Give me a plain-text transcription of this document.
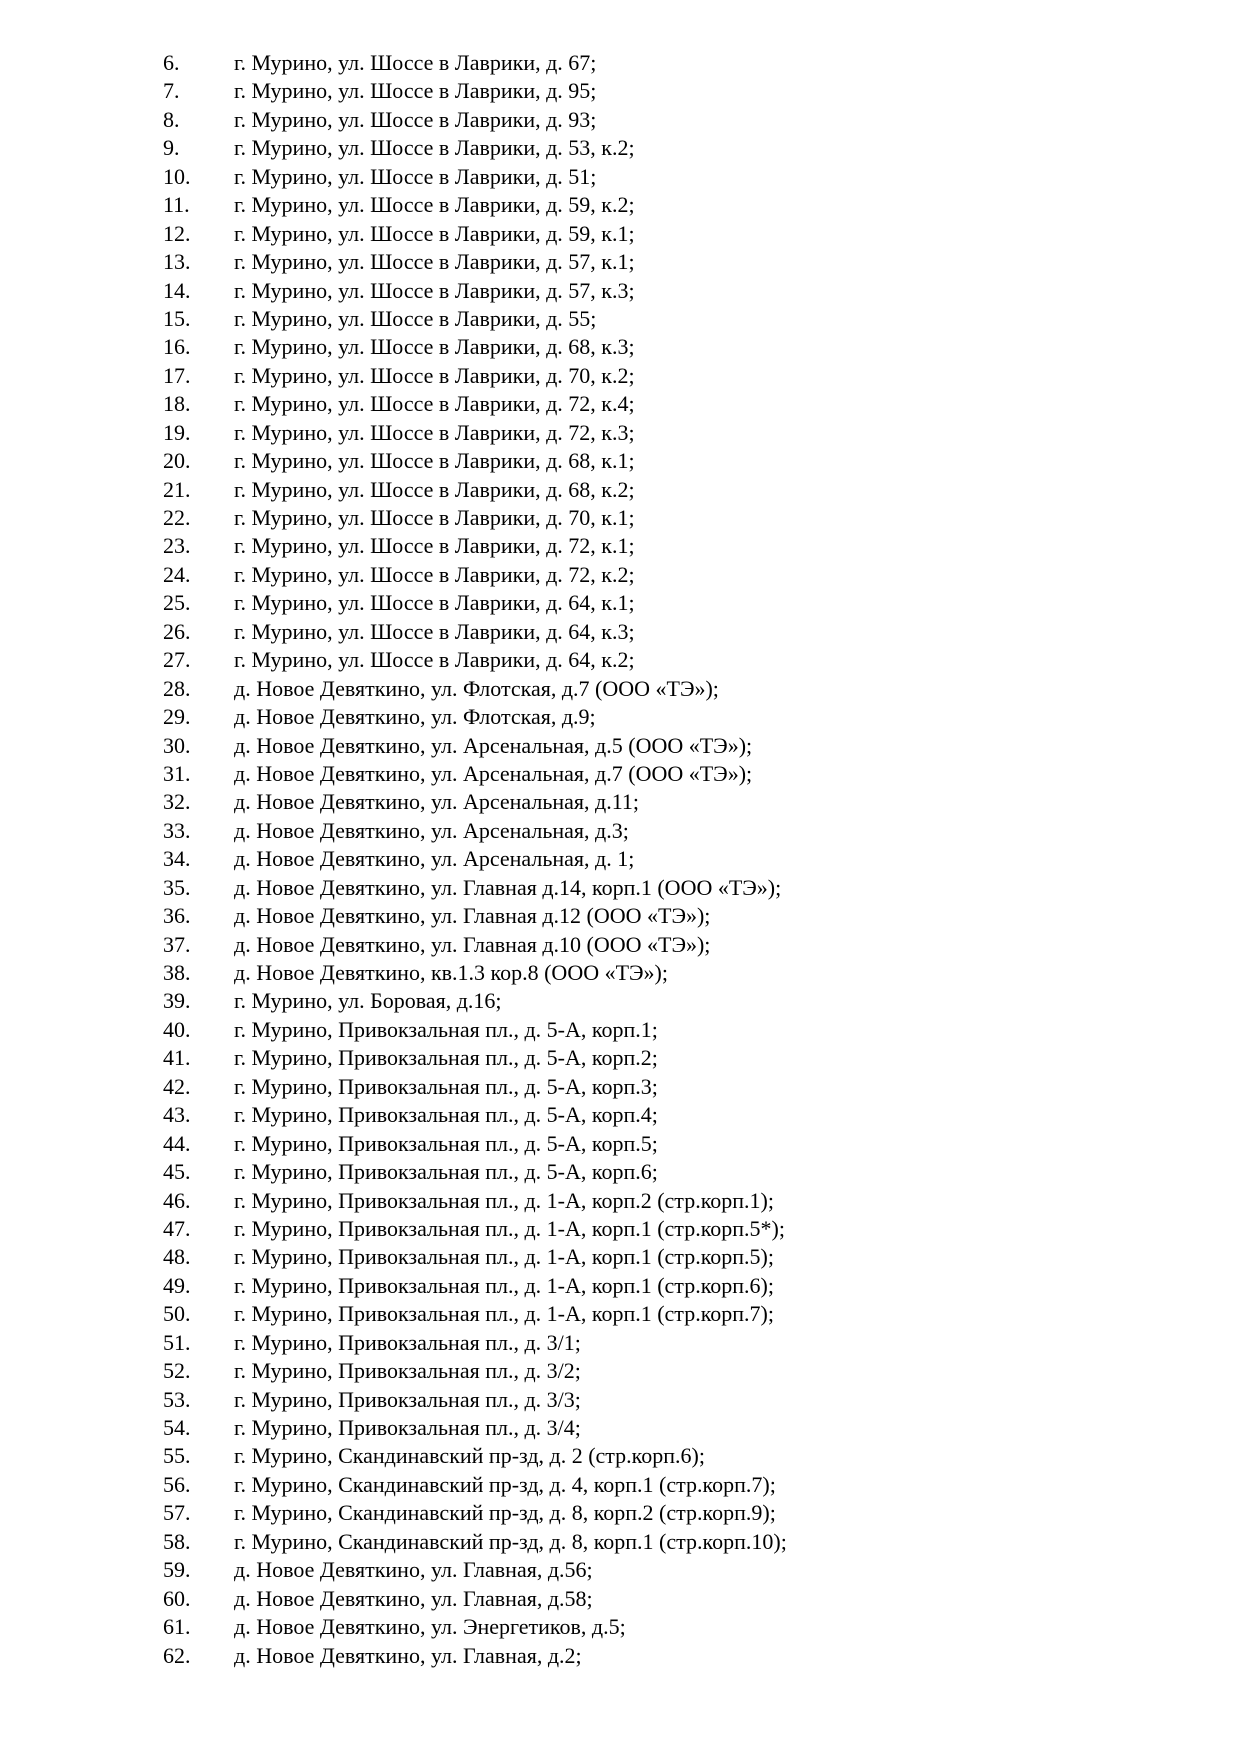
6. г. Мурино, ул. Шоссе в Лаврики, д. 67;
7. г. Мурино, ул. Шоссе в Лаврики, д. 95;
8. г. Мурино, ул. Шоссе в Лаврики, д. 93;
9. г. Мурино, ул. Шоссе в Лаврики, д. 53, к.2;
10. г. Мурино, ул. Шоссе в Лаврики, д. 51;
11. г. Мурино, ул. Шоссе в Лаврики, д. 59, к.2;
12. г. Мурино, ул. Шоссе в Лаврики, д. 59, к.1;
13. г. Мурино, ул. Шоссе в Лаврики, д. 57, к.1;
14. г. Мурино, ул. Шоссе в Лаврики, д. 57, к.3;
15. г. Мурино, ул. Шоссе в Лаврики, д. 55;
16. г. Мурино, ул. Шоссе в Лаврики, д. 68, к.3;
17. г. Мурино, ул. Шоссе в Лаврики, д. 70, к.2;
18. г. Мурино, ул. Шоссе в Лаврики, д. 72, к.4;
19. г. Мурино, ул. Шоссе в Лаврики, д. 72, к.3;
20. г. Мурино, ул. Шоссе в Лаврики, д. 68, к.1;
21. г. Мурино, ул. Шоссе в Лаврики, д. 68, к.2;
22. г. Мурино, ул. Шоссе в Лаврики, д. 70, к.1;
23. г. Мурино, ул. Шоссе в Лаврики, д. 72, к.1;
24. г. Мурино, ул. Шоссе в Лаврики, д. 72, к.2;
25. г. Мурино, ул. Шоссе в Лаврики, д. 64, к.1;
26. г. Мурино, ул. Шоссе в Лаврики, д. 64, к.3;
27. г. Мурино, ул. Шоссе в Лаврики, д. 64, к.2;
28. д. Новое Девяткино, ул. Флотская, д.7 (ООО «ТЭ»);
29. д. Новое Девяткино, ул. Флотская, д.9;
30. д. Новое Девяткино, ул. Арсенальная, д.5 (ООО «ТЭ»);
31. д. Новое Девяткино, ул. Арсенальная, д.7 (ООО «ТЭ»);
32. д. Новое Девяткино, ул. Арсенальная, д.11;
33. д. Новое Девяткино, ул. Арсенальная, д.3;
34. д. Новое Девяткино, ул. Арсенальная, д. 1;
35. д. Новое Девяткино, ул. Главная д.14, корп.1 (ООО «ТЭ»);
36. д. Новое Девяткино, ул. Главная д.12 (ООО «ТЭ»);
37. д. Новое Девяткино, ул. Главная д.10 (ООО «ТЭ»);
38. д. Новое Девяткино, кв.1.3 кор.8 (ООО «ТЭ»);
39. г. Мурино, ул. Боровая, д.16;
40. г. Мурино, Привокзальная пл., д. 5-А, корп.1;
41. г. Мурино, Привокзальная пл., д. 5-А, корп.2;
42. г. Мурино, Привокзальная пл., д. 5-А, корп.3;
43. г. Мурино, Привокзальная пл., д. 5-А, корп.4;
44. г. Мурино, Привокзальная пл., д. 5-А, корп.5;
45. г. Мурино, Привокзальная пл., д. 5-А, корп.6;
46. г. Мурино, Привокзальная пл., д. 1-А, корп.2 (стр.корп.1);
47. г. Мурино, Привокзальная пл., д. 1-А, корп.1 (стр.корп.5*);
48. г. Мурино, Привокзальная пл., д. 1-А, корп.1 (стр.корп.5);
49. г. Мурино, Привокзальная пл., д. 1-А, корп.1 (стр.корп.6);
50. г. Мурино, Привокзальная пл., д. 1-А, корп.1 (стр.корп.7);
51. г. Мурино, Привокзальная пл., д. 3/1;
52. г. Мурино, Привокзальная пл., д. 3/2;
53. г. Мурино, Привокзальная пл., д. 3/3;
54. г. Мурино, Привокзальная пл., д. 3/4;
55. г. Мурино, Скандинавский пр-зд, д. 2 (стр.корп.6);
56. г. Мурино, Скандинавский пр-зд, д. 4, корп.1 (стр.корп.7);
57. г. Мурино, Скандинавский пр-зд, д. 8, корп.2 (стр.корп.9);
58. г. Мурино, Скандинавский пр-зд, д. 8, корп.1 (стр.корп.10);
59. д. Новое Девяткино, ул. Главная, д.56;
60. д. Новое Девяткино, ул. Главная, д.58;
61. д. Новое Девяткино, ул. Энергетиков, д.5;
62. д. Новое Девяткино, ул. Главная, д.2;
